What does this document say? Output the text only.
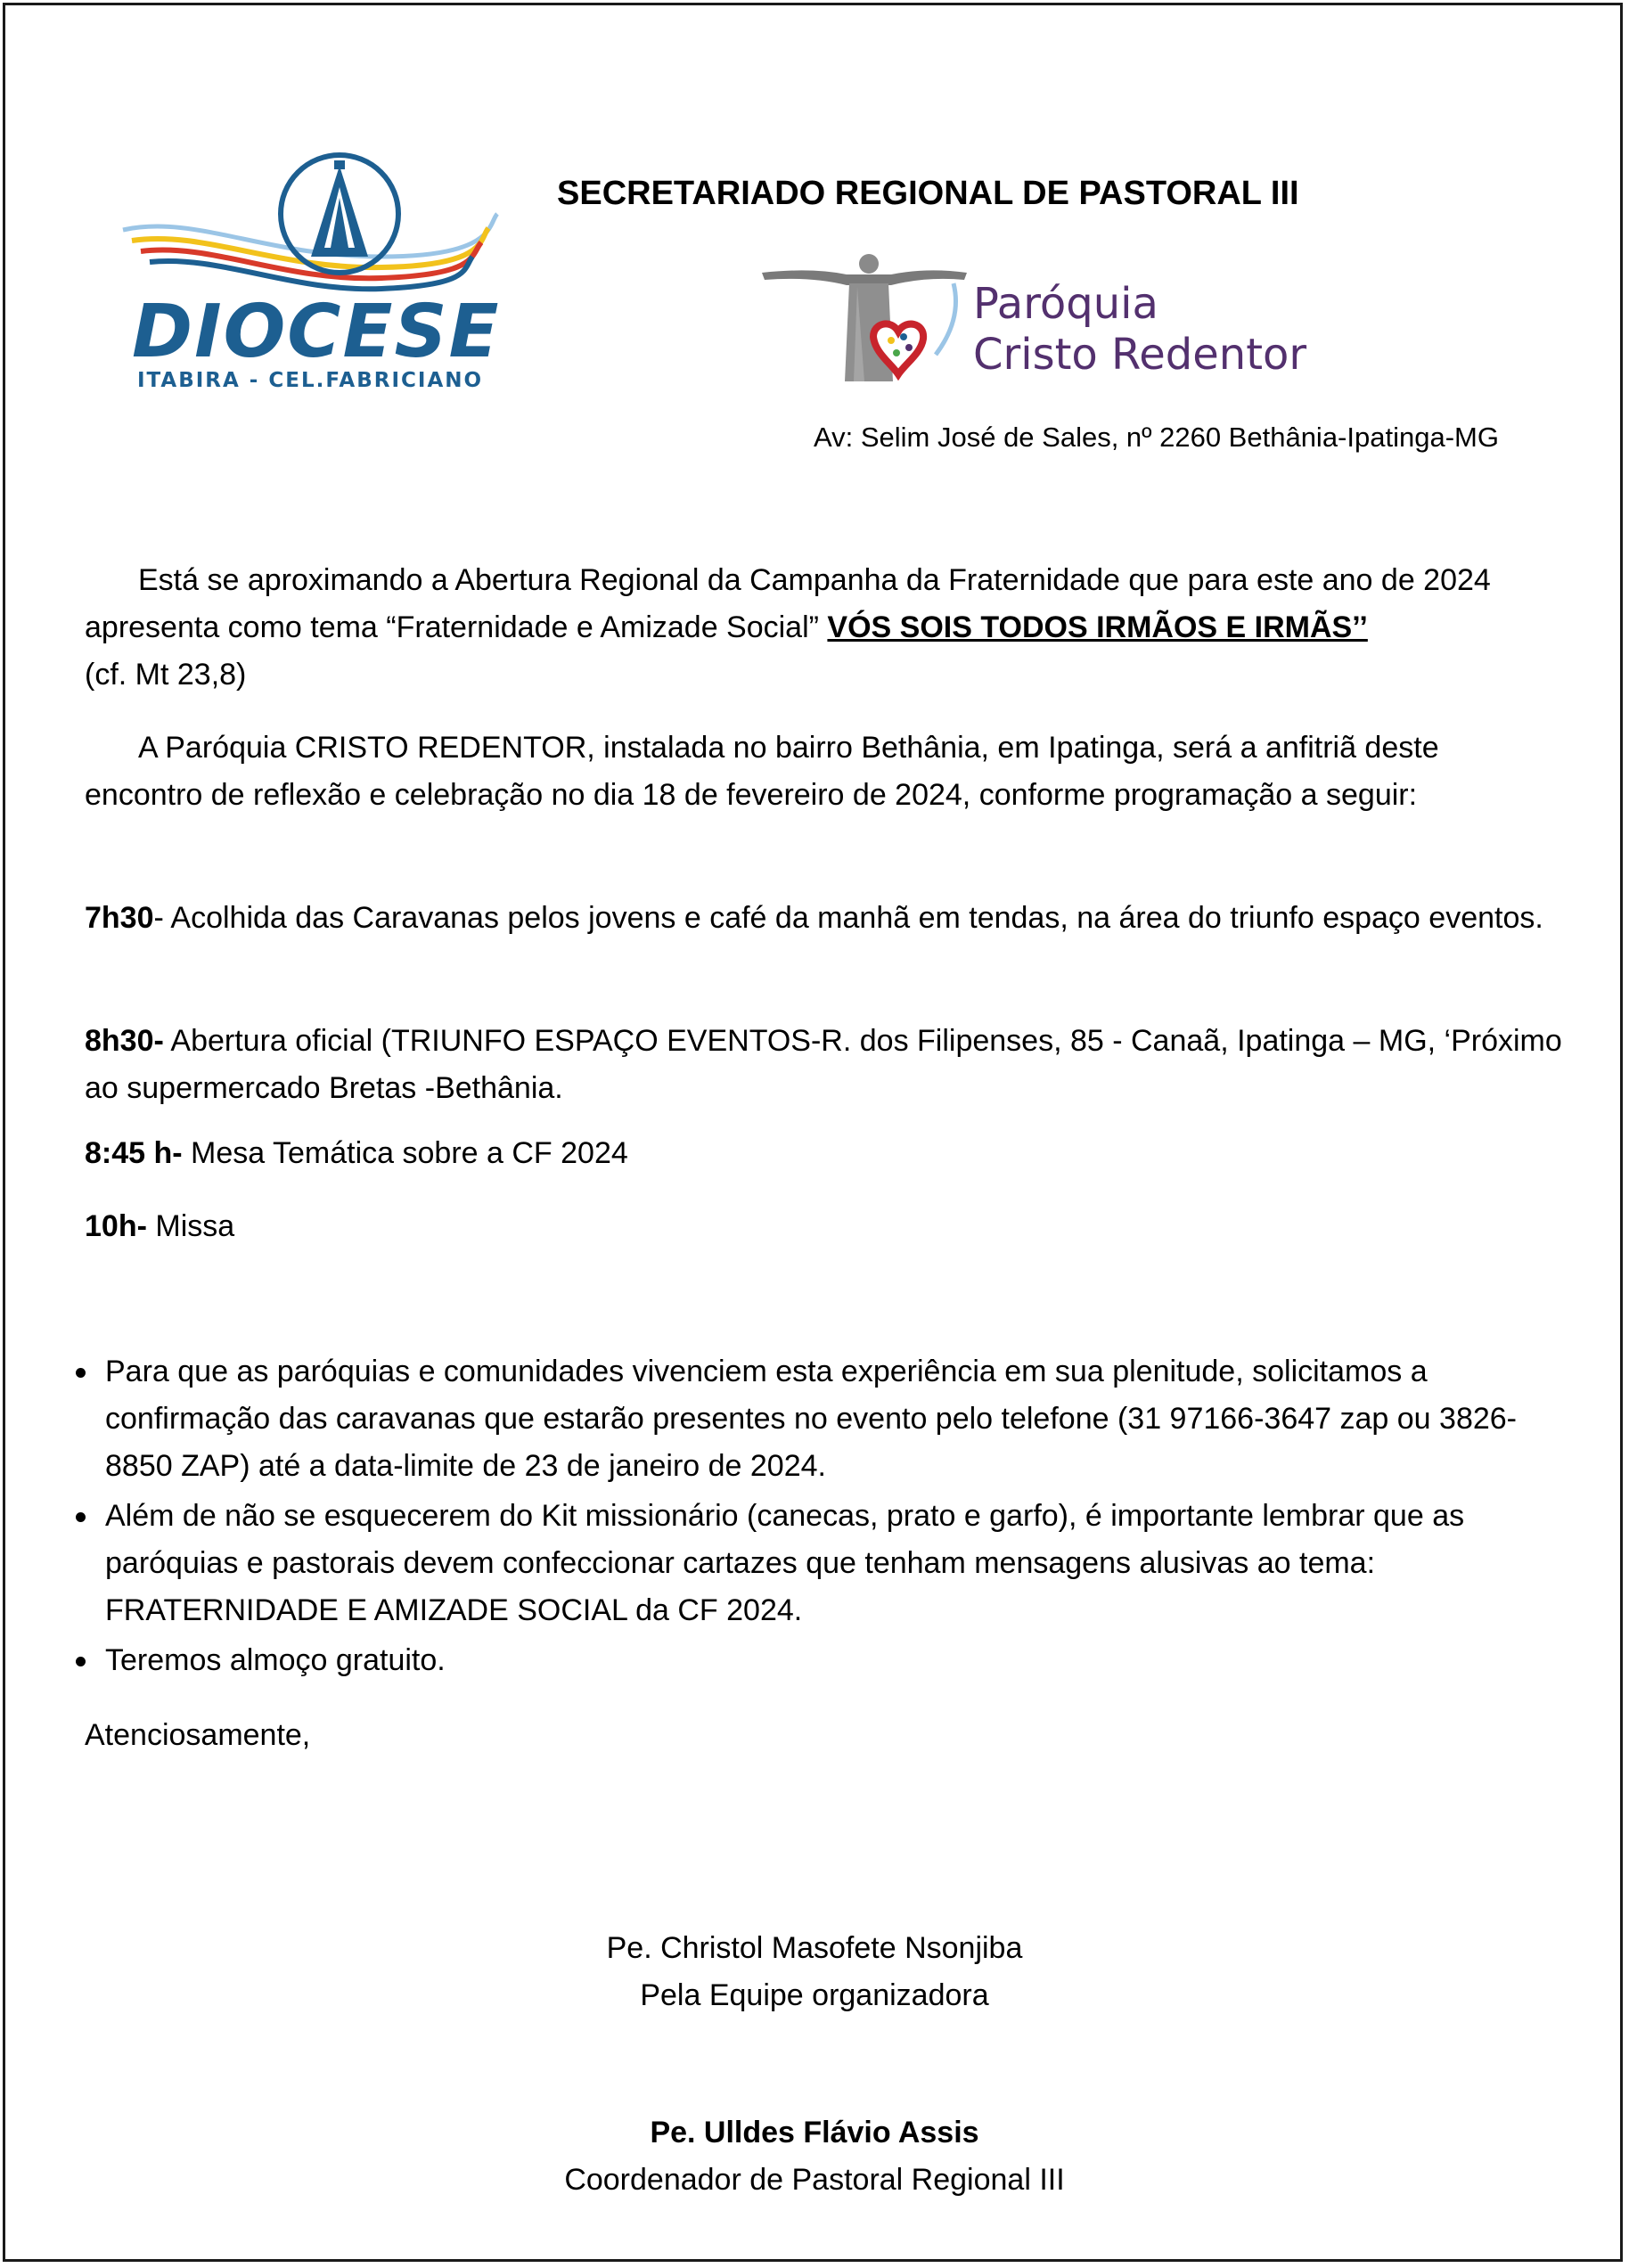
DIOCESE
ITABIRA - CEL.FABRICIANO
SECRETARIADO REGIONAL DE PASTORAL III
Paróquia
Cristo Redentor
Av: Selim José de Sales, nº 2260 Bethânia-Ipatinga-MG
Está se aproximando a Abertura Regional da Campanha da Fraternidade que para este ano de 2024 apresenta como tema “Fraternidade e Amizade Social” VÓS SOIS TODOS IRMÃOS E IRMÃS’’
(cf. Mt 23,8)
A Paróquia CRISTO REDENTOR, instalada no bairro Bethânia, em Ipatinga, será a anfitriã deste encontro de reflexão e celebração no dia 18 de fevereiro de 2024, conforme programação a seguir:
7h30- Acolhida das Caravanas pelos jovens e café da manhã em tendas, na área do triunfo espaço eventos.
8h30- Abertura oficial (TRIUNFO ESPAÇO EVENTOS-R. dos Filipenses, 85 - Canaã, Ipatinga – MG, ‘Próximo ao supermercado Bretas -Bethânia.
8:45 h- Mesa Temática sobre a CF 2024
10h- Missa
Para que as paróquias e comunidades vivenciem esta experiência em sua plenitude, solicitamos a confirmação das caravanas que estarão presentes no evento pelo telefone (31 97166-3647 zap ou 3826-8850 ZAP) até a data-limite de 23 de janeiro de 2024.
Além de não se esquecerem do Kit missionário (canecas, prato e garfo), é importante lembrar que as paróquias e pastorais devem confeccionar cartazes que tenham mensagens alusivas ao tema: FRATERNIDADE E AMIZADE SOCIAL da CF 2024.
Teremos almoço gratuito.
Atenciosamente,
Pe. Christol Masofete Nsonjiba
Pela Equipe organizadora
Pe. Ulldes Flávio Assis
Coordenador de Pastoral Regional III
